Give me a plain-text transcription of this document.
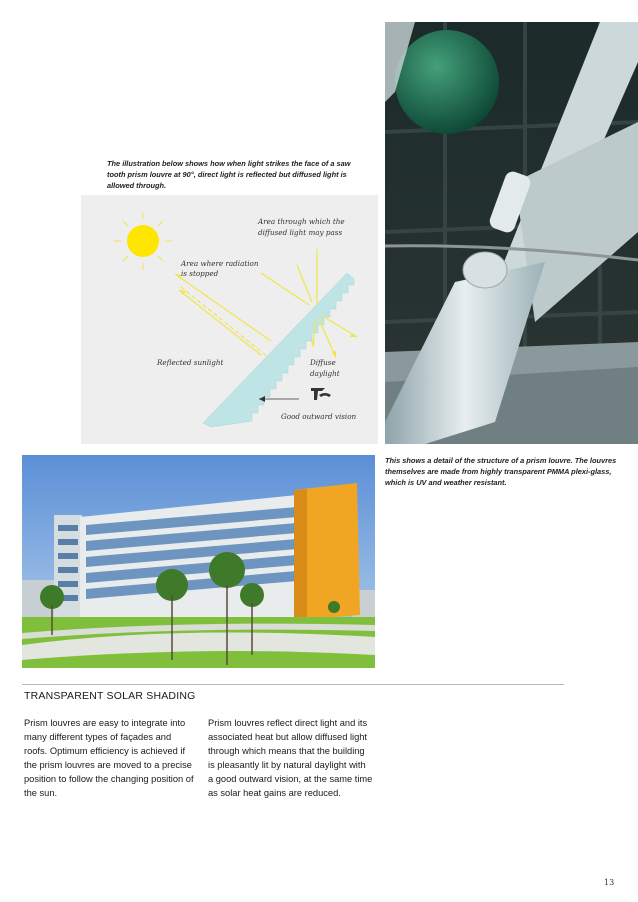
The illustration below shows how when light strikes the face of a saw tooth prism louvre at 90°, direct light is reflected but diffused light is allowed through.
Area through which the
diffused light may pass
Area where radiation
is stopped
Reflected sunlight	Diffuse
daylight
Good outward vision
This shows a detail of the structure of a prism louvre. The louvres themselves are made from highly transparent PMMA plexi-glass, which is UV and weather resistant.
TRANSPARENT SOLAR SHADING
Prism louvres are easy to integrate into many different types of façades and roofs. Optimum efficiency is achieved if the prism louvres are moved to a precise position to follow the changing position of the sun.
Prism louvres reflect direct light and its associated heat but allow diffused light through which means that the building is pleasantly lit by natural daylight with a good outward vision, at the same time as solar heat gains are reduced.
13
